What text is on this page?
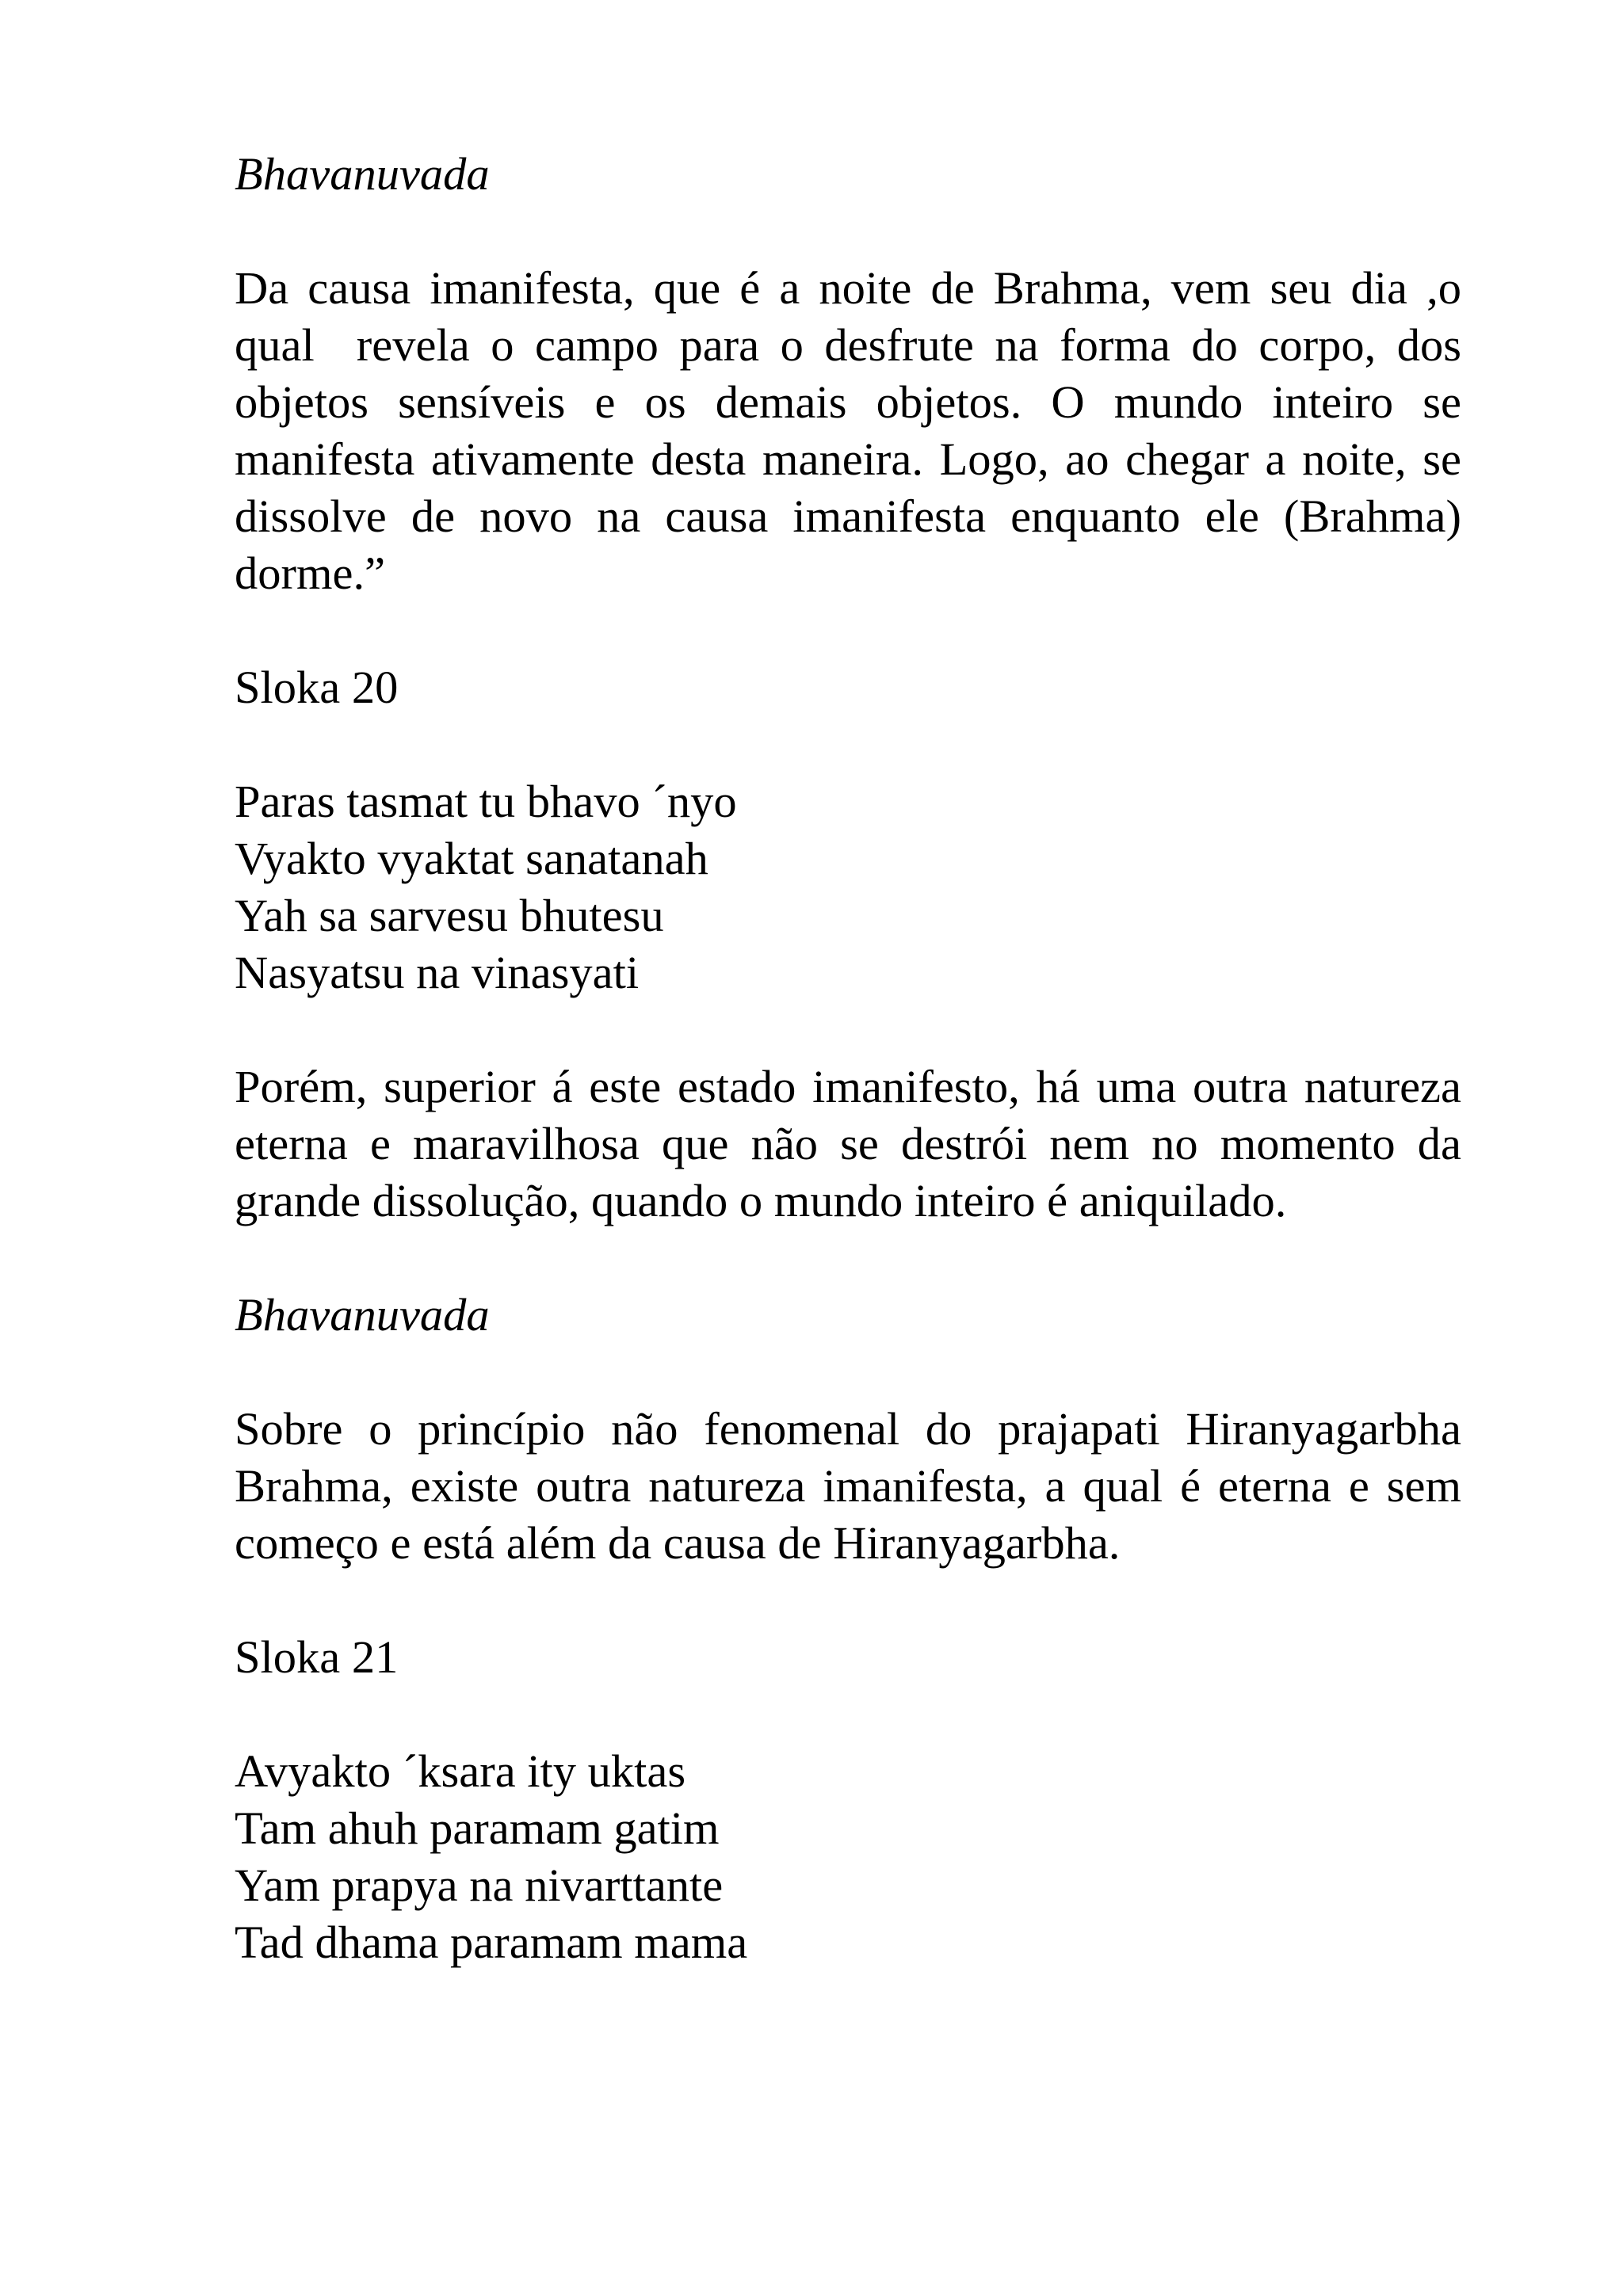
Bhavanuvada
Da causa imanifesta, que é a noite de Brahma, vem seu dia ,o qual  revela o campo para o desfrute na forma do corpo, dos objetos sensíveis e os demais objetos. O mundo inteiro se manifesta ativamente desta maneira. Logo, ao chegar a noite, se dissolve de novo na causa imanifesta enquanto ele (Brahma) dorme.”
Sloka 20
Paras tasmat tu bhavo ´nyo
Vyakto vyaktat sanatanah
Yah sa sarvesu bhutesu
Nasyatsu na vinasyati
Porém, superior á este estado imanifesto, há uma outra natureza eterna e maravilhosa que não se destrói nem no momento da grande dissolução, quando o mundo inteiro é aniquilado.
Bhavanuvada
Sobre o princípio não fenomenal do prajapati Hiranyagarbha Brahma, existe outra natureza imanifesta, a qual é eterna e sem começo e está além da causa de Hiranyagarbha.
Sloka 21
Avyakto ´ksara ity uktas
Tam ahuh paramam gatim
Yam prapya na nivarttante
Tad dhama paramam mama
